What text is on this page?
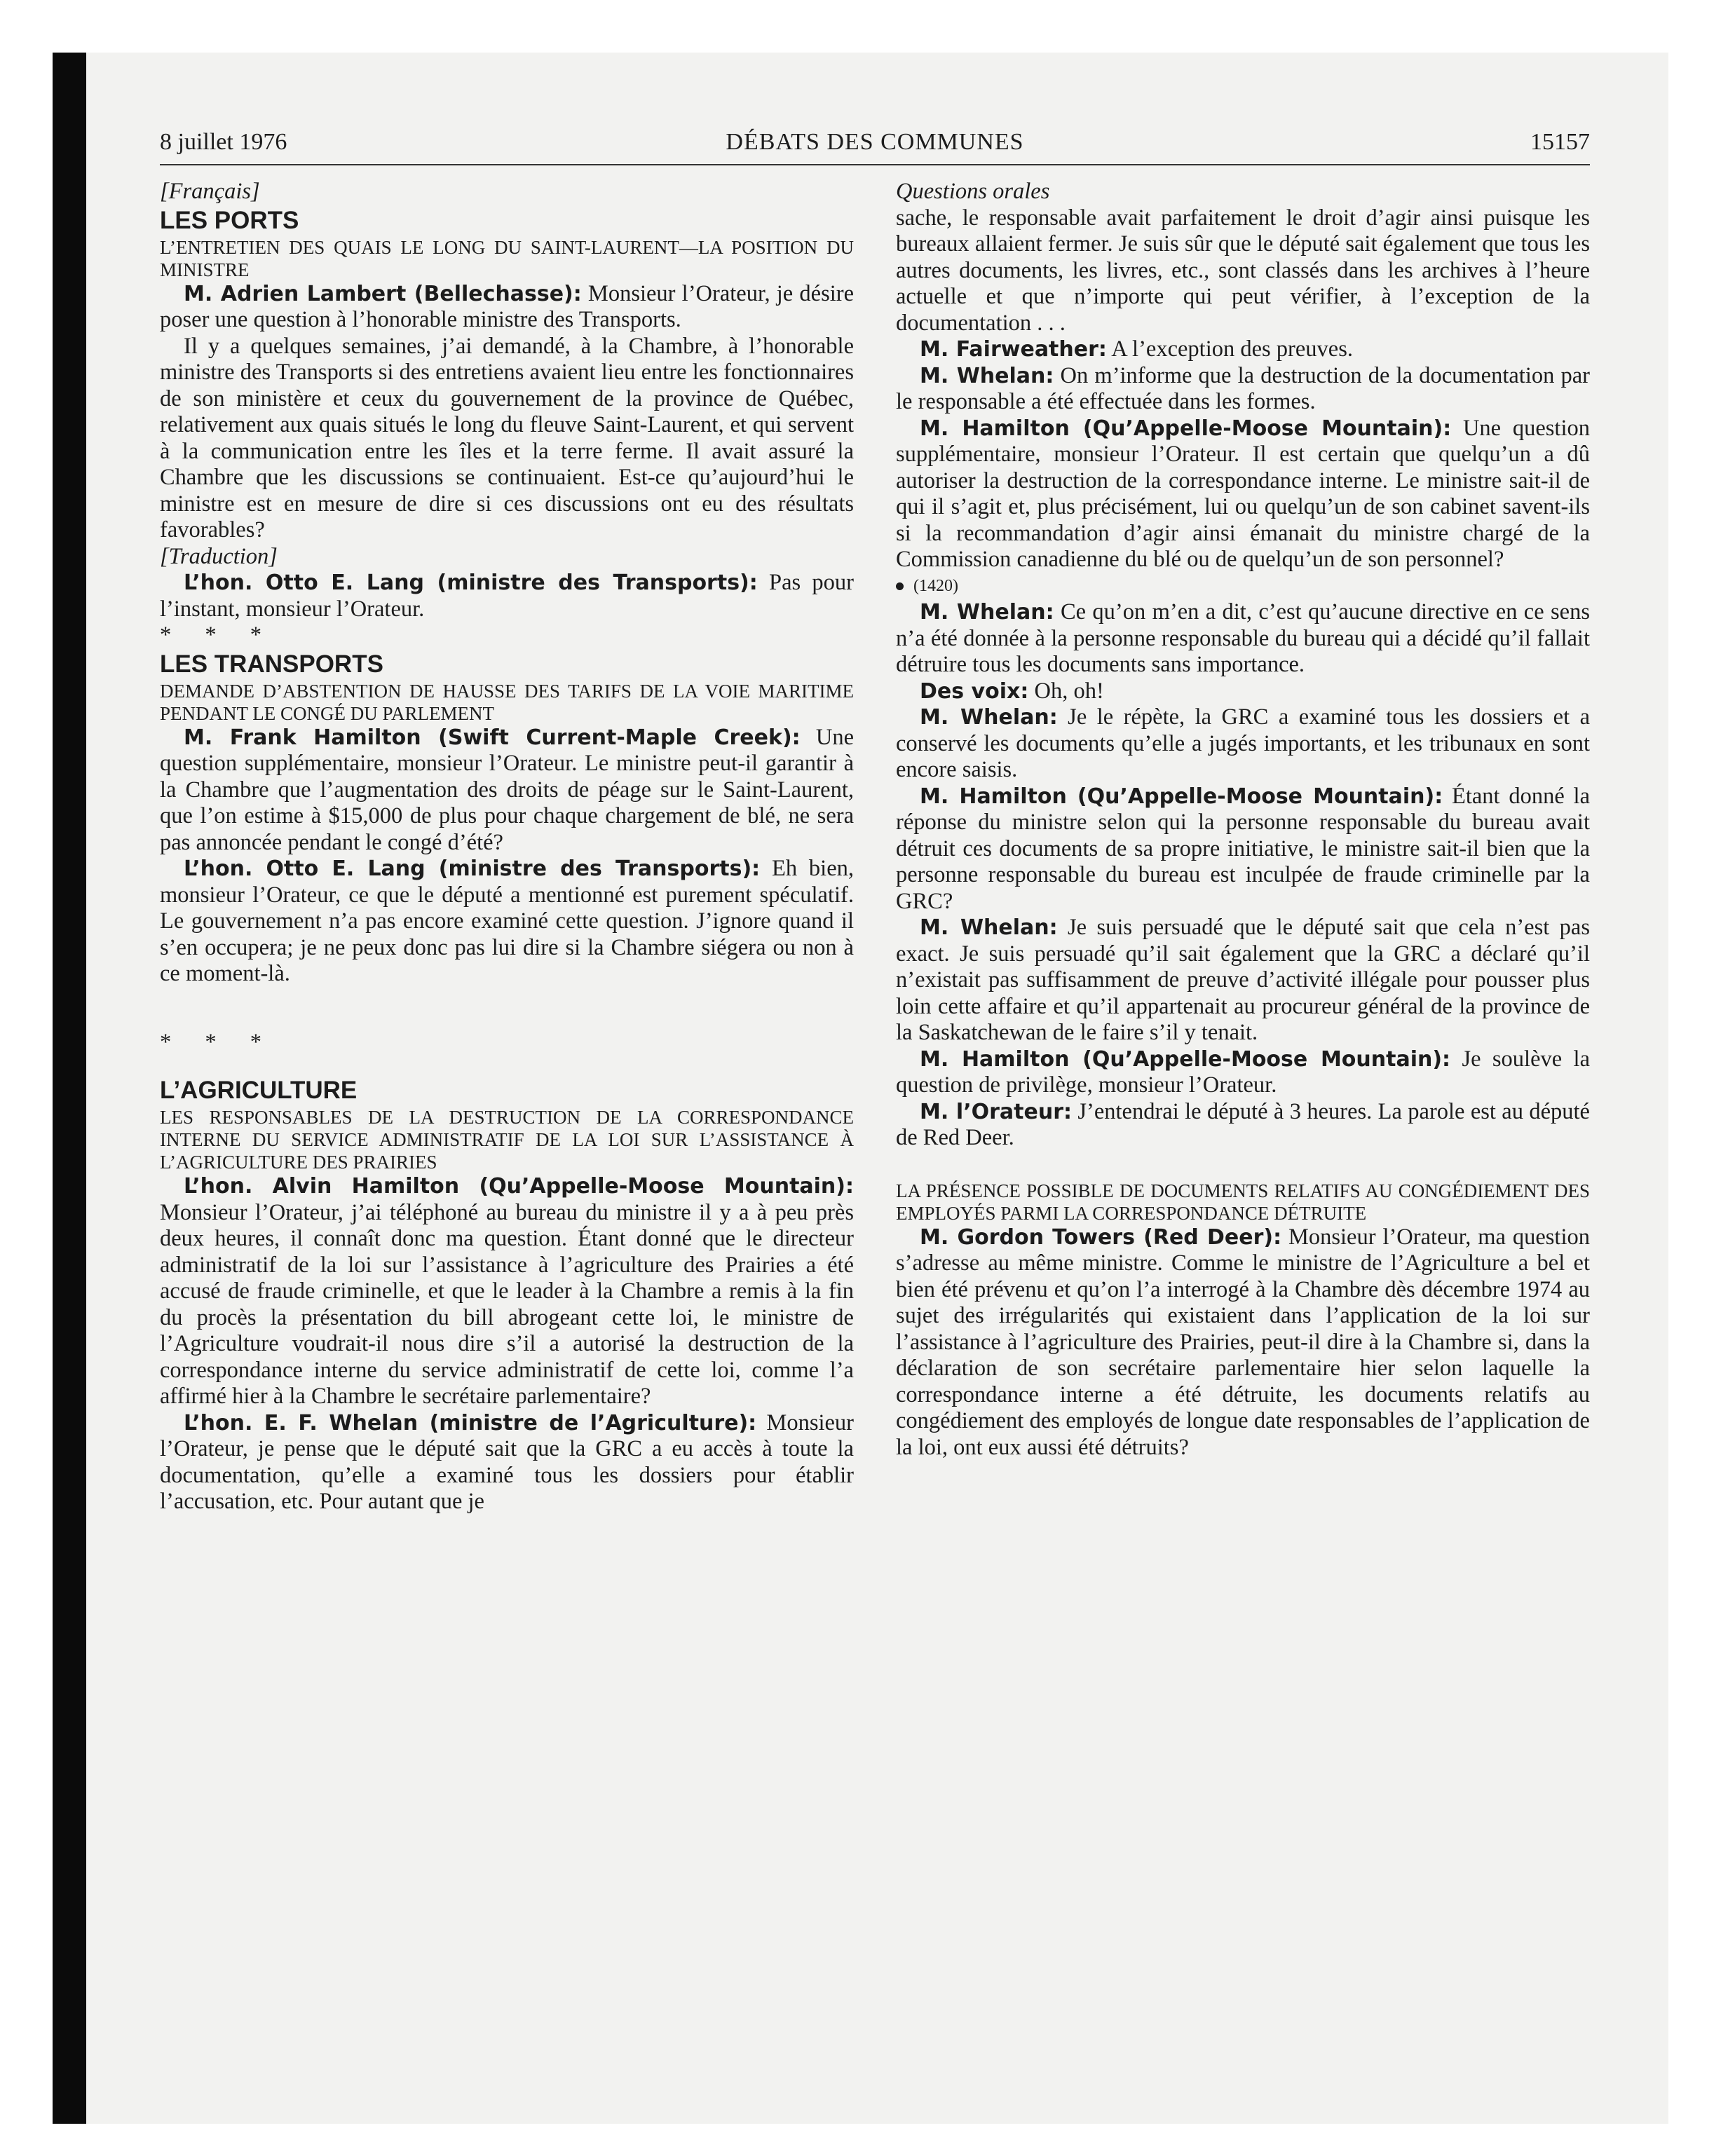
8 juillet 1976	DÉBATS DES COMMUNES	15157

[Français]

LES PORTS

L’ENTRETIEN DES QUAIS LE LONG DU SAINT-LAURENT—LA POSITION DU MINISTRE

M. Adrien Lambert (Bellechasse): Monsieur l’Orateur, je désire poser une question à l’honorable ministre des Transports.

Il y a quelques semaines, j’ai demandé, à la Chambre, à l’honorable ministre des Transports si des entretiens avaient lieu entre les fonctionnaires de son ministère et ceux du gouvernement de la province de Québec, relativement aux quais situés le long du fleuve Saint-Laurent, et qui servent à la communication entre les îles et la terre ferme. Il avait assuré la Chambre que les discussions se continuaient. Est-ce qu’aujourd’hui le ministre est en mesure de dire si ces discussions ont eu des résultats favorables?

[Traduction]

L’hon. Otto E. Lang (ministre des Transports): Pas pour l’instant, monsieur l’Orateur.

* * *

LES TRANSPORTS

DEMANDE D’ABSTENTION DE HAUSSE DES TARIFS DE LA VOIE MARITIME PENDANT LE CONGÉ DU PARLEMENT

M. Frank Hamilton (Swift Current-Maple Creek): Une question supplémentaire, monsieur l’Orateur. Le ministre peut-il garantir à la Chambre que l’augmentation des droits de péage sur le Saint-Laurent, que l’on estime à $15,000 de plus pour chaque chargement de blé, ne sera pas annoncée pendant le congé d’été?

L’hon. Otto E. Lang (ministre des Transports): Eh bien, monsieur l’Orateur, ce que le député a mentionné est purement spéculatif. Le gouvernement n’a pas encore examiné cette question. J’ignore quand il s’en occupera; je ne peux donc pas lui dire si la Chambre siégera ou non à ce moment-là.

* * *

L’AGRICULTURE

LES RESPONSABLES DE LA DESTRUCTION DE LA CORRESPONDANCE INTERNE DU SERVICE ADMINISTRATIF DE LA LOI SUR L’ASSISTANCE À L’AGRICULTURE DES PRAIRIES

L’hon. Alvin Hamilton (Qu’Appelle-Moose Mountain): Monsieur l’Orateur, j’ai téléphoné au bureau du ministre il y a à peu près deux heures, il connaît donc ma question. Étant donné que le directeur administratif de la loi sur l’assistance à l’agriculture des Prairies a été accusé de fraude criminelle, et que le leader à la Chambre a remis à la fin du procès la présentation du bill abrogeant cette loi, le ministre de l’Agriculture voudrait-il nous dire s’il a autorisé la destruction de la correspondance interne du service administratif de cette loi, comme l’a affirmé hier à la Chambre le secrétaire parlementaire?

L’hon. E. F. Whelan (ministre de l’Agriculture): Monsieur l’Orateur, je pense que le député sait que la GRC a eu accès à toute la documentation, qu’elle a examiné tous les dossiers pour établir l’accusation, etc. Pour autant que je

Questions orales

sache, le responsable avait parfaitement le droit d’agir ainsi puisque les bureaux allaient fermer. Je suis sûr que le député sait également que tous les autres documents, les livres, etc., sont classés dans les archives à l’heure actuelle et que n’importe qui peut vérifier, à l’exception de la documentation . . .

M. Fairweather: A l’exception des preuves.

M. Whelan: On m’informe que la destruction de la documentation par le responsable a été effectuée dans les formes.

M. Hamilton (Qu’Appelle-Moose Mountain): Une question supplémentaire, monsieur l’Orateur. Il est certain que quelqu’un a dû autoriser la destruction de la correspondance interne. Le ministre sait-il de qui il s’agit et, plus précisément, lui ou quelqu’un de son cabinet savent-ils si la recommandation d’agir ainsi émanait du ministre chargé de la Commission canadienne du blé ou de quelqu’un de son personnel?

(1420)

M. Whelan: Ce qu’on m’en a dit, c’est qu’aucune directive en ce sens n’a été donnée à la personne responsable du bureau qui a décidé qu’il fallait détruire tous les documents sans importance.

Des voix: Oh, oh!

M. Whelan: Je le répète, la GRC a examiné tous les dossiers et a conservé les documents qu’elle a jugés importants, et les tribunaux en sont encore saisis.

M. Hamilton (Qu’Appelle-Moose Mountain): Étant donné la réponse du ministre selon qui la personne responsable du bureau avait détruit ces documents de sa propre initiative, le ministre sait-il bien que la personne responsable du bureau est inculpée de fraude criminelle par la GRC?

M. Whelan: Je suis persuadé que le député sait que cela n’est pas exact. Je suis persuadé qu’il sait également que la GRC a déclaré qu’il n’existait pas suffisamment de preuve d’activité illégale pour pousser plus loin cette affaire et qu’il appartenait au procureur général de la province de la Saskatchewan de le faire s’il y tenait.

M. Hamilton (Qu’Appelle-Moose Mountain): Je soulève la question de privilège, monsieur l’Orateur.

M. l’Orateur: J’entendrai le député à 3 heures. La parole est au député de Red Deer.

LA PRÉSENCE POSSIBLE DE DOCUMENTS RELATIFS AU CONGÉDIEMENT DES EMPLOYÉS PARMI LA CORRESPONDANCE DÉTRUITE

M. Gordon Towers (Red Deer): Monsieur l’Orateur, ma question s’adresse au même ministre. Comme le ministre de l’Agriculture a bel et bien été prévenu et qu’on l’a interrogé à la Chambre dès décembre 1974 au sujet des irrégularités qui existaient dans l’application de la loi sur l’assistance à l’agriculture des Prairies, peut-il dire à la Chambre si, dans la déclaration de son secrétaire parlementaire hier selon laquelle la correspondance interne a été détruite, les documents relatifs au congédiement des employés de longue date responsables de l’application de la loi, ont eux aussi été détruits?
